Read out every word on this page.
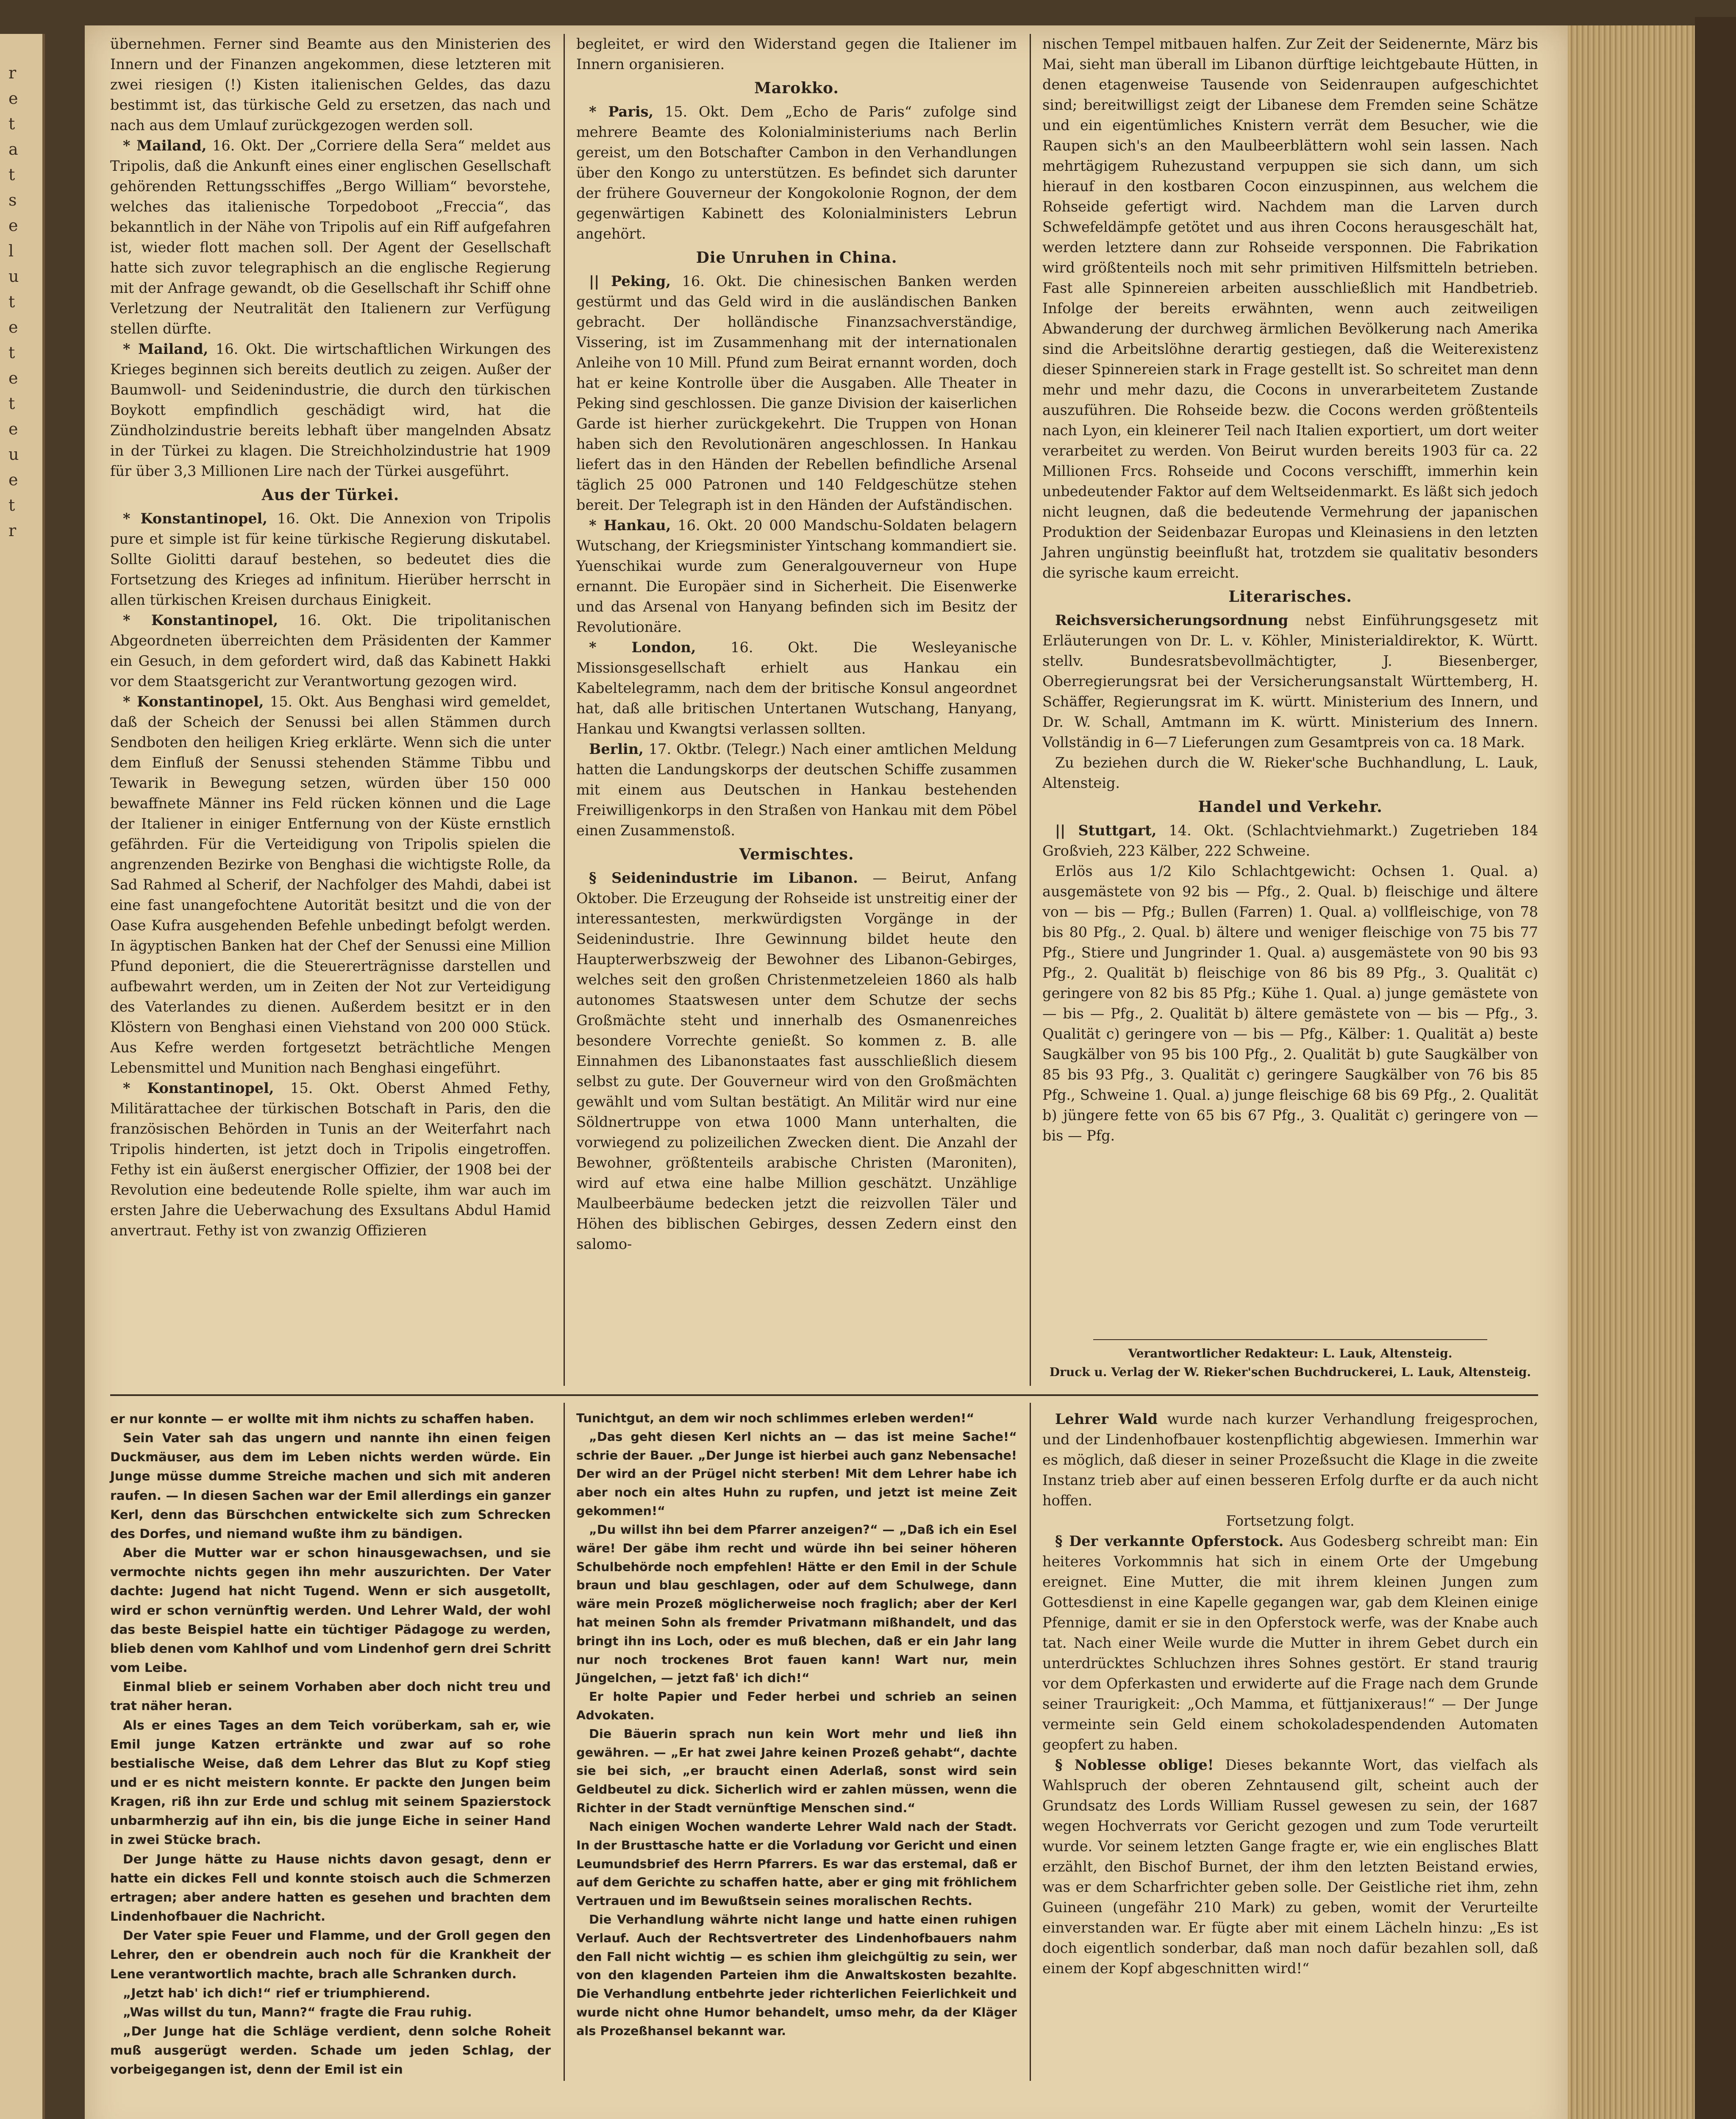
übernehmen. Ferner sind Beamte aus den Ministerien des Innern und der Finanzen angekommen, diese letzteren mit zwei riesigen (!) Kisten italienischen Geldes, das dazu bestimmt ist, das türkische Geld zu ersetzen, das nach und nach aus dem Umlauf zurückgezogen werden soll.

* Mailand, 16. Okt. Der „Corriere della Sera“ meldet aus Tripolis, daß die Ankunft eines einer englischen Gesellschaft gehörenden Rettungsschiffes „Bergo William“ bevorstehe, welches das italienische Torpedoboot „Freccia“, das bekanntlich in der Nähe von Tripolis auf ein Riff aufgefahren ist, wieder flott machen soll. Der Agent der Gesellschaft hatte sich zuvor telegraphisch an die englische Regierung mit der Anfrage gewandt, ob die Gesellschaft ihr Schiff ohne Verletzung der Neutralität den Italienern zur Verfügung stellen dürfte.

* Mailand, 16. Okt. Die wirtschaftlichen Wirkungen des Krieges beginnen sich bereits deutlich zu zeigen. Außer der Baumwoll- und Seidenindustrie, die durch den türkischen Boykott empfindlich geschädigt wird, hat die Zündholzindustrie bereits lebhaft über mangelnden Absatz in der Türkei zu klagen. Die Streichholzindustrie hat 1909 für über 3,3 Millionen Lire nach der Türkei ausgeführt.

Aus der Türkei.

* Konstantinopel, 16. Okt. Die Annexion von Tripolis pure et simple ist für keine türkische Regierung diskutabel. Sollte Giolitti darauf bestehen, so bedeutet dies die Fortsetzung des Krieges ad infinitum. Hierüber herrscht in allen türkischen Kreisen durchaus Einigkeit.

* Konstantinopel, 16. Okt. Die tripolitanischen Abgeordneten überreichten dem Präsidenten der Kammer ein Gesuch, in dem gefordert wird, daß das Kabinett Hakki vor dem Staatsgericht zur Verantwortung gezogen wird.

* Konstantinopel, 15. Okt. Aus Benghasi wird gemeldet, daß der Scheich der Senussi bei allen Stämmen durch Sendboten den heiligen Krieg erklärte. Wenn sich die unter dem Einfluß der Senussi stehenden Stämme Tibbu und Tewarik in Bewegung setzen, würden über 150 000 bewaffnete Männer ins Feld rücken können und die Lage der Italiener in einiger Entfernung von der Küste ernstlich gefährden. Für die Verteidigung von Tripolis spielen die angrenzenden Bezirke von Benghasi die wichtigste Rolle, da Sad Rahmed al Scherif, der Nachfolger des Mahdi, dabei ist eine fast unangefochtene Autorität besitzt und die von der Oase Kufra ausgehenden Befehle unbedingt befolgt werden. In ägyptischen Banken hat der Chef der Senussi eine Million Pfund deponiert, die die Steuererträgnisse darstellen und aufbewahrt werden, um in Zeiten der Not zur Verteidigung des Vaterlandes zu dienen. Außerdem besitzt er in den Klöstern von Benghasi einen Viehstand von 200 000 Stück. Aus Kefre werden fortgesetzt beträchtliche Mengen Lebensmittel und Munition nach Benghasi eingeführt.

* Konstantinopel, 15. Okt. Oberst Ahmed Fethy, Militärattachee der türkischen Botschaft in Paris, den die französischen Behörden in Tunis an der Weiterfahrt nach Tripolis hinderten, ist jetzt doch in Tripolis eingetroffen. Fethy ist ein äußerst energischer Offizier, der 1908 bei der Revolution eine bedeutende Rolle spielte, ihm war auch im ersten Jahre die Ueberwachung des Exsultans Abdul Hamid anvertraut. Fethy ist von zwanzig Offizieren

begleitet, er wird den Widerstand gegen die Italiener im Innern organisieren.

Marokko.

* Paris, 15. Okt. Dem „Echo de Paris“ zufolge sind mehrere Beamte des Kolonialministeriums nach Berlin gereist, um den Botschafter Cambon in den Verhandlungen über den Kongo zu unterstützen. Es befindet sich darunter der frühere Gouverneur der Kongokolonie Rognon, der dem gegenwärtigen Kabinett des Kolonialministers Lebrun angehört.

Die Unruhen in China.

|| Peking, 16. Okt. Die chinesischen Banken werden gestürmt und das Geld wird in die ausländischen Banken gebracht. Der holländische Finanzsachverständige, Vissering, ist im Zusammenhang mit der internationalen Anleihe von 10 Mill. Pfund zum Beirat ernannt worden, doch hat er keine Kontrolle über die Ausgaben. Alle Theater in Peking sind geschlossen. Die ganze Division der kaiserlichen Garde ist hierher zurückgekehrt. Die Truppen von Honan haben sich den Revolutionären angeschlossen. In Hankau liefert das in den Händen der Rebellen befindliche Arsenal täglich 25 000 Patronen und 140 Feldgeschütze stehen bereit. Der Telegraph ist in den Händen der Aufständischen.

* Hankau, 16. Okt. 20 000 Mandschu-Soldaten belagern Wutschang, der Kriegsminister Yintschang kommandiert sie. Yuenschikai wurde zum Generalgouverneur von Hupe ernannt. Die Europäer sind in Sicherheit. Die Eisenwerke und das Arsenal von Hanyang befinden sich im Besitz der Revolutionäre.

* London, 16. Okt. Die Wesleyanische Missionsgesellschaft erhielt aus Hankau ein Kabeltelegramm, nach dem der britische Konsul angeordnet hat, daß alle britischen Untertanen Wutschang, Hanyang, Hankau und Kwangtsi verlassen sollten.

Berlin, 17. Oktbr. (Telegr.) Nach einer amtlichen Meldung hatten die Landungskorps der deutschen Schiffe zusammen mit einem aus Deutschen in Hankau bestehenden Freiwilligenkorps in den Straßen von Hankau mit dem Pöbel einen Zusammenstoß.

Vermischtes.

§ Seidenindustrie im Libanon. — Beirut, Anfang Oktober. Die Erzeugung der Rohseide ist unstreitig einer der interessantesten, merkwürdigsten Vorgänge in der Seidenindustrie. Ihre Gewinnung bildet heute den Haupterwerbszweig der Bewohner des Libanon-Gebirges, welches seit den großen Christenmetzeleien 1860 als halb autonomes Staatswesen unter dem Schutze der sechs Großmächte steht und innerhalb des Osmanenreiches besondere Vorrechte genießt. So kommen z. B. alle Einnahmen des Libanonstaates fast ausschließlich diesem selbst zu gute. Der Gouverneur wird von den Großmächten gewählt und vom Sultan bestätigt. An Militär wird nur eine Söldnertruppe von etwa 1000 Mann unterhalten, die vorwiegend zu polizeilichen Zwecken dient. Die Anzahl der Bewohner, größtenteils arabische Christen (Maroniten), wird auf etwa eine halbe Million geschätzt. Unzählige Maulbeerbäume bedecken jetzt die reizvollen Täler und Höhen des biblischen Gebirges, dessen Zedern einst den salomo-

nischen Tempel mitbauen halfen. Zur Zeit der Seidenernte, März bis Mai, sieht man überall im Libanon dürftige leichtgebaute Hütten, in denen etagenweise Tausende von Seidenraupen aufgeschichtet sind; bereitwilligst zeigt der Libanese dem Fremden seine Schätze und ein eigentümliches Knistern verrät dem Besucher, wie die Raupen sich's an den Maulbeerblättern wohl sein lassen. Nach mehrtägigem Ruhezustand verpuppen sie sich dann, um sich hierauf in den kostbaren Cocon einzuspinnen, aus welchem die Rohseide gefertigt wird. Nachdem man die Larven durch Schwefeldämpfe getötet und aus ihren Cocons herausgeschält hat, werden letztere dann zur Rohseide versponnen. Die Fabrikation wird größtenteils noch mit sehr primitiven Hilfsmitteln betrieben. Fast alle Spinnereien arbeiten ausschließlich mit Handbetrieb. Infolge der bereits erwähnten, wenn auch zeitweiligen Abwanderung der durchweg ärmlichen Bevölkerung nach Amerika sind die Arbeitslöhne derartig gestiegen, daß die Weiterexistenz dieser Spinnereien stark in Frage gestellt ist. So schreitet man denn mehr und mehr dazu, die Cocons in unverarbeitetem Zustande auszuführen. Die Rohseide bezw. die Cocons werden größtenteils nach Lyon, ein kleinerer Teil nach Italien exportiert, um dort weiter verarbeitet zu werden. Von Beirut wurden bereits 1903 für ca. 22 Millionen Frcs. Rohseide und Cocons verschifft, immerhin kein unbedeutender Faktor auf dem Weltseidenmarkt. Es läßt sich jedoch nicht leugnen, daß die bedeutende Vermehrung der japanischen Produktion der Seidenbazar Europas und Kleinasiens in den letzten Jahren ungünstig beeinflußt hat, trotzdem sie qualitativ besonders die syrische kaum erreicht.

Literarisches.

Reichsversicherungsordnung nebst Einführungsgesetz mit Erläuterungen von Dr. L. v. Köhler, Ministerialdirektor, K. Württ. stellv. Bundesratsbevollmächtigter, J. Biesenberger, Oberregierungsrat bei der Versicherungsanstalt Württemberg, H. Schäffer, Regierungsrat im K. württ. Ministerium des Innern, und Dr. W. Schall, Amtmann im K. württ. Ministerium des Innern. Vollständig in 6—7 Lieferungen zum Gesamtpreis von ca. 18 Mark.

Zu beziehen durch die W. Rieker'sche Buchhandlung, L. Lauk, Altensteig.

Handel und Verkehr.

|| Stuttgart, 14. Okt. (Schlachtviehmarkt.) Zugetrieben 184 Großvieh, 223 Kälber, 222 Schweine.

Erlös aus 1/2 Kilo Schlachtgewicht: Ochsen 1. Qual. a) ausgemästete von 92 bis — Pfg., 2. Qual. b) fleischige und ältere von — bis — Pfg.; Bullen (Farren) 1. Qual. a) vollfleischige, von 78 bis 80 Pfg., 2. Qual. b) ältere und weniger fleischige von 75 bis 77 Pfg., Stiere und Jungrinder 1. Qual. a) ausgemästete von 90 bis 93 Pfg., 2. Qualität b) fleischige von 86 bis 89 Pfg., 3. Qualität c) geringere von 82 bis 85 Pfg.; Kühe 1. Qual. a) junge gemästete von — bis — Pfg., 2. Qualität b) ältere gemästete von — bis — Pfg., 3. Qualität c) geringere von — bis — Pfg., Kälber: 1. Qualität a) beste Saugkälber von 95 bis 100 Pfg., 2. Qualität b) gute Saugkälber von 85 bis 93 Pfg., 3. Qualität c) geringere Saugkälber von 76 bis 85 Pfg., Schweine 1. Qual. a) junge fleischige 68 bis 69 Pfg., 2. Qualität b) jüngere fette von 65 bis 67 Pfg., 3. Qualität c) geringere von — bis — Pfg.

Verantwortlicher Redakteur: L. Lauk, Altensteig.
Druck u. Verlag der W. Rieker'schen Buchdruckerei, L. Lauk, Altensteig.

er nur konnte — er wollte mit ihm nichts zu schaffen haben.

Sein Vater sah das ungern und nannte ihn einen feigen Duckmäuser, aus dem im Leben nichts werden würde. Ein Junge müsse dumme Streiche machen und sich mit anderen raufen. — In diesen Sachen war der Emil allerdings ein ganzer Kerl, denn das Bürschchen entwickelte sich zum Schrecken des Dorfes, und niemand wußte ihm zu bändigen.

Aber die Mutter war er schon hinausgewachsen, und sie vermochte nichts gegen ihn mehr auszurichten. Der Vater dachte: Jugend hat nicht Tugend. Wenn er sich ausgetollt, wird er schon vernünftig werden. Und Lehrer Wald, der wohl das beste Beispiel hatte ein tüchtiger Pädagoge zu werden, blieb denen vom Kahlhof und vom Lindenhof gern drei Schritt vom Leibe.

Einmal blieb er seinem Vorhaben aber doch nicht treu und trat näher heran.

Als er eines Tages an dem Teich vorüberkam, sah er, wie Emil junge Katzen ertränkte und zwar auf so rohe bestialische Weise, daß dem Lehrer das Blut zu Kopf stieg und er es nicht meistern konnte. Er packte den Jungen beim Kragen, riß ihn zur Erde und schlug mit seinem Spazierstock unbarmherzig auf ihn ein, bis die junge Eiche in seiner Hand in zwei Stücke brach.

Der Junge hätte zu Hause nichts davon gesagt, denn er hatte ein dickes Fell und konnte stoisch auch die Schmerzen ertragen; aber andere hatten es gesehen und brachten dem Lindenhofbauer die Nachricht.

Der Vater spie Feuer und Flamme, und der Groll gegen den Lehrer, den er obendrein auch noch für die Krankheit der Lene verantwortlich machte, brach alle Schranken durch.

„Jetzt hab' ich dich!“ rief er triumphierend.

„Was willst du tun, Mann?“ fragte die Frau ruhig.

„Der Junge hat die Schläge verdient, denn solche Roheit muß ausgerügt werden. Schade um jeden Schlag, der vorbeigegangen ist, denn der Emil ist ein

Tunichtgut, an dem wir noch schlimmes erleben werden!“

„Das geht diesen Kerl nichts an — das ist meine Sache!“ schrie der Bauer. „Der Junge ist hierbei auch ganz Nebensache! Der wird an der Prügel nicht sterben! Mit dem Lehrer habe ich aber noch ein altes Huhn zu rupfen, und jetzt ist meine Zeit gekommen!“

„Du willst ihn bei dem Pfarrer anzeigen?“ — „Daß ich ein Esel wäre! Der gäbe ihm recht und würde ihn bei seiner höheren Schulbehörde noch empfehlen! Hätte er den Emil in der Schule braun und blau geschlagen, oder auf dem Schulwege, dann wäre mein Prozeß möglicherweise noch fraglich; aber der Kerl hat meinen Sohn als fremder Privatmann mißhandelt, und das bringt ihn ins Loch, oder es muß blechen, daß er ein Jahr lang nur noch trockenes Brot fauen kann! Wart nur, mein Jüngelchen, — jetzt faß' ich dich!“

Er holte Papier und Feder herbei und schrieb an seinen Advokaten.

Die Bäuerin sprach nun kein Wort mehr und ließ ihn gewähren. — „Er hat zwei Jahre keinen Prozeß gehabt“, dachte sie bei sich, „er braucht einen Aderlaß, sonst wird sein Geldbeutel zu dick. Sicherlich wird er zahlen müssen, wenn die Richter in der Stadt vernünftige Menschen sind.“

Nach einigen Wochen wanderte Lehrer Wald nach der Stadt. In der Brusttasche hatte er die Vorladung vor Gericht und einen Leumundsbrief des Herrn Pfarrers. Es war das erstemal, daß er auf dem Gerichte zu schaffen hatte, aber er ging mit fröhlichem Vertrauen und im Bewußtsein seines moralischen Rechts.

Die Verhandlung währte nicht lange und hatte einen ruhigen Verlauf. Auch der Rechtsvertreter des Lindenhofbauers nahm den Fall nicht wichtig — es schien ihm gleichgültig zu sein, wer von den klagenden Parteien ihm die Anwaltskosten bezahlte. Die Verhandlung entbehrte jeder richterlichen Feierlichkeit und wurde nicht ohne Humor behandelt, umso mehr, da der Kläger als Prozeßhansel bekannt war.

Lehrer Wald wurde nach kurzer Verhandlung freigesprochen, und der Lindenhofbauer kostenpflichtig abgewiesen. Immerhin war es möglich, daß dieser in seiner Prozeßsucht die Klage in die zweite Instanz trieb aber auf einen besseren Erfolg durfte er da auch nicht hoffen.

Fortsetzung folgt.

§ Der verkannte Opferstock. Aus Godesberg schreibt man: Ein heiteres Vorkommnis hat sich in einem Orte der Umgebung ereignet. Eine Mutter, die mit ihrem kleinen Jungen zum Gottesdienst in eine Kapelle gegangen war, gab dem Kleinen einige Pfennige, damit er sie in den Opferstock werfe, was der Knabe auch tat. Nach einer Weile wurde die Mutter in ihrem Gebet durch ein unterdrücktes Schluchzen ihres Sohnes gestört. Er stand traurig vor dem Opferkasten und erwiderte auf die Frage nach dem Grunde seiner Traurigkeit: „Och Mamma, et füttjanixeraus!“ — Der Junge vermeinte sein Geld einem schokoladespendenden Automaten geopfert zu haben.

§ Noblesse oblige! Dieses bekannte Wort, das vielfach als Wahlspruch der oberen Zehntausend gilt, scheint auch der Grundsatz des Lords William Russel gewesen zu sein, der 1687 wegen Hochverrats vor Gericht gezogen und zum Tode verurteilt wurde. Vor seinem letzten Gange fragte er, wie ein englisches Blatt erzählt, den Bischof Burnet, der ihm den letzten Beistand erwies, was er dem Scharfrichter geben solle. Der Geistliche riet ihm, zehn Guineen (ungefähr 210 Mark) zu geben, womit der Verurteilte einverstanden war. Er fügte aber mit einem Lächeln hinzu: „Es ist doch eigentlich sonderbar, daß man noch dafür bezahlen soll, daß einem der Kopf abgeschnitten wird!“

r
e
t
a
t
s
e
l
u
t
e
t
e
t
e
u
e
t
r
